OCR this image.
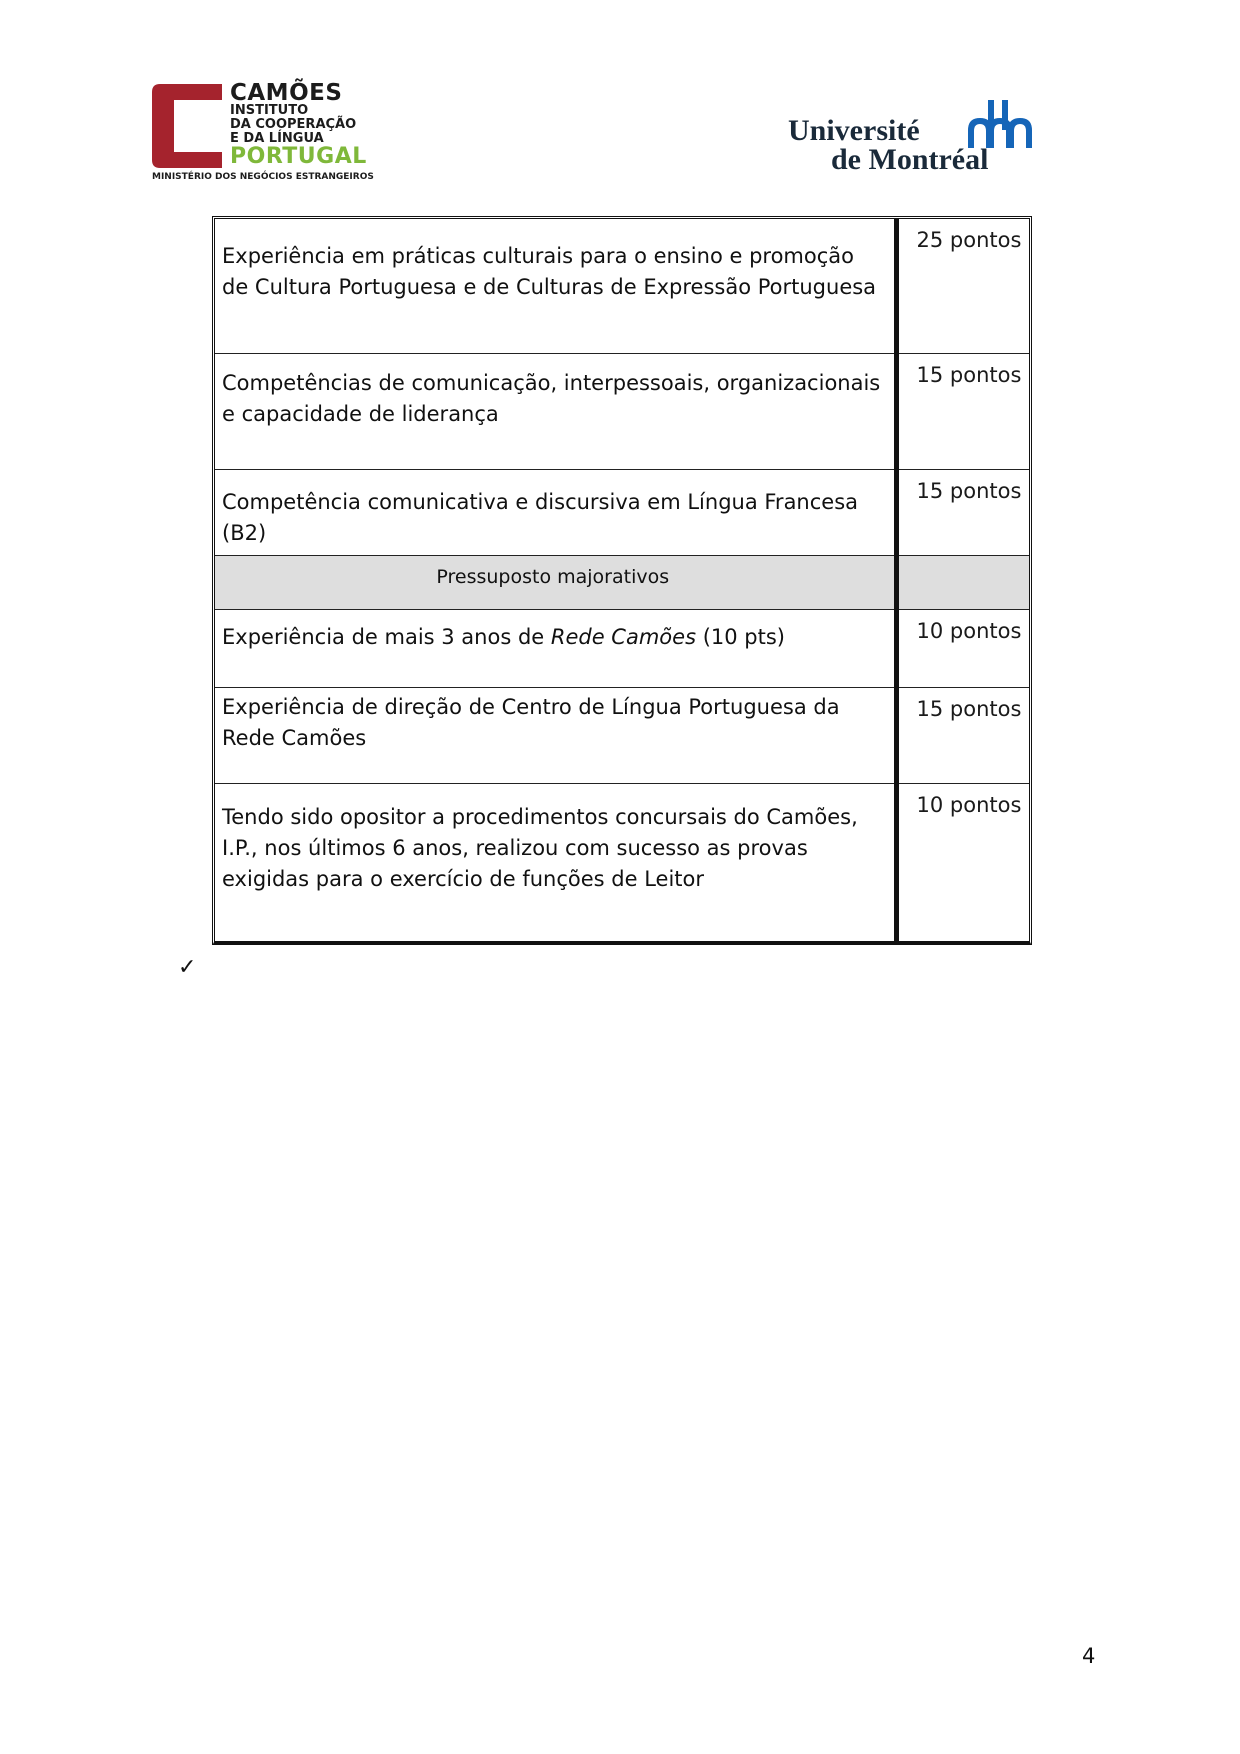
CAMÕES
INSTITUTO
DA COOPERAÇÃO
E DA LÍNGUA
PORTUGAL
MINISTÉRIO DOS NEGÓCIOS ESTRANGEIROS
Université
de Montréal
Experiência em práticas culturais para o ensino e promoção de Cultura Portuguesa e de Culturas de Expressão Portuguesa	25 pontos

Competências de comunicação, interpessoais, organizacionais e capacidade de liderança	15 pontos

Competência comunicativa e discursiva em Língua Francesa (B2)	15 pontos
Pressuposto majorativos	

Experiência de mais 3 anos de Rede Camões (10 pts)	10 pontos

Experiência de direção de Centro de Língua Portuguesa da Rede Camões	15 pontos

Tendo sido opositor a procedimentos concursais do Camões, I.P., nos últimos 6 anos, realizou com sucesso as provas exigidas para o exercício de funções de Leitor	10 pontos
✓
4
